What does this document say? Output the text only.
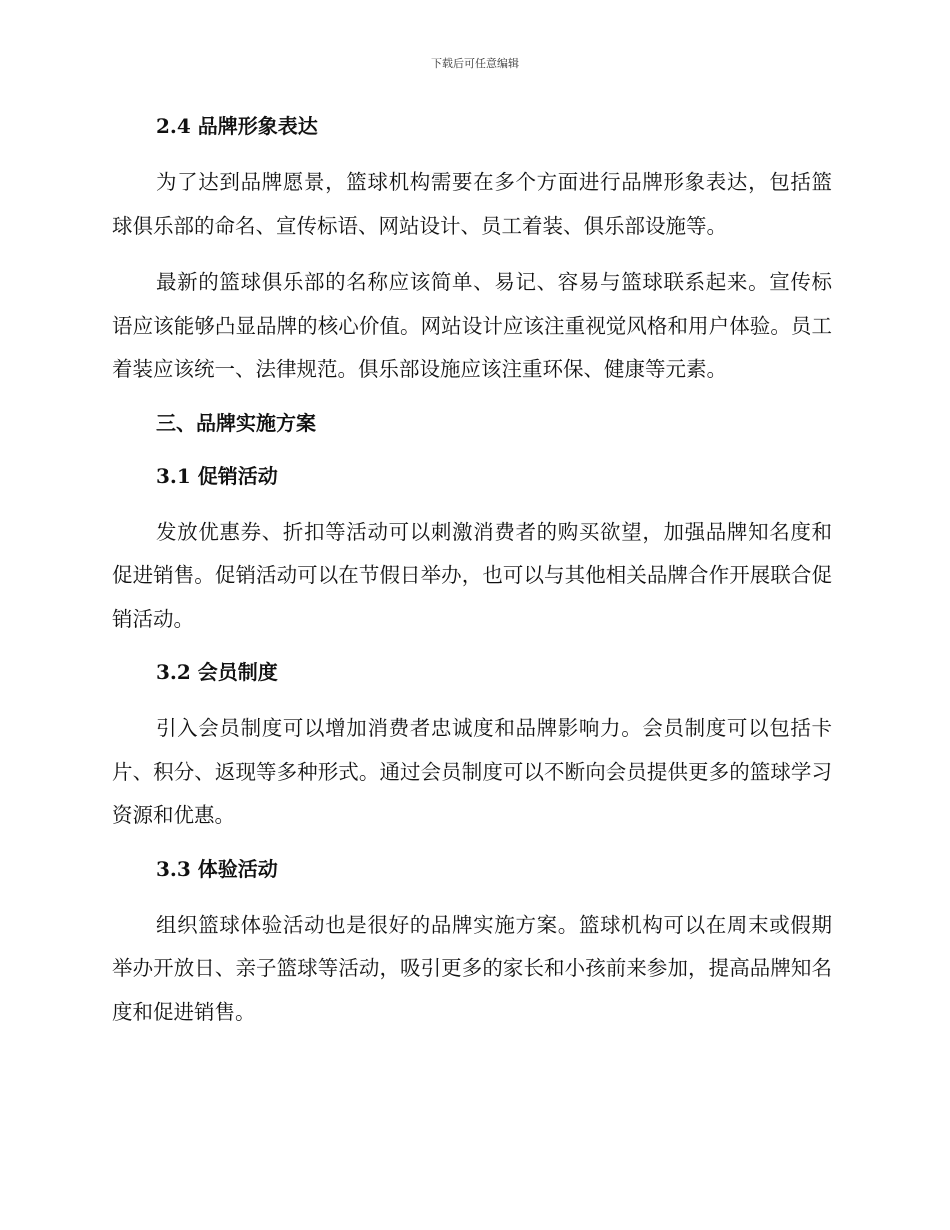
下载后可任意编辑
2.4 品牌形象表达

为了达到品牌愿景，篮球机构需要在多个方面进行品牌形象表达，包括篮球俱乐部的命名、宣传标语、网站设计、员工着装、俱乐部设施等。

最新的篮球俱乐部的名称应该简单、易记、容易与篮球联系起来。宣传标语应该能够凸显品牌的核心价值。网站设计应该注重视觉风格和用户体验。员工着装应该统一、法律规范。俱乐部设施应该注重环保、健康等元素。

三、品牌实施方案
3.1 促销活动

发放优惠券、折扣等活动可以刺激消费者的购买欲望，加强品牌知名度和促进销售。促销活动可以在节假日举办，也可以与其他相关品牌合作开展联合促销活动。

3.2 会员制度

引入会员制度可以增加消费者忠诚度和品牌影响力。会员制度可以包括卡片、积分、返现等多种形式。通过会员制度可以不断向会员提供更多的篮球学习资源和优惠。

3.3 体验活动

组织篮球体验活动也是很好的品牌实施方案。篮球机构可以在周末或假期举办开放日、亲子篮球等活动，吸引更多的家长和小孩前来参加，提高品牌知名度和促进销售。
